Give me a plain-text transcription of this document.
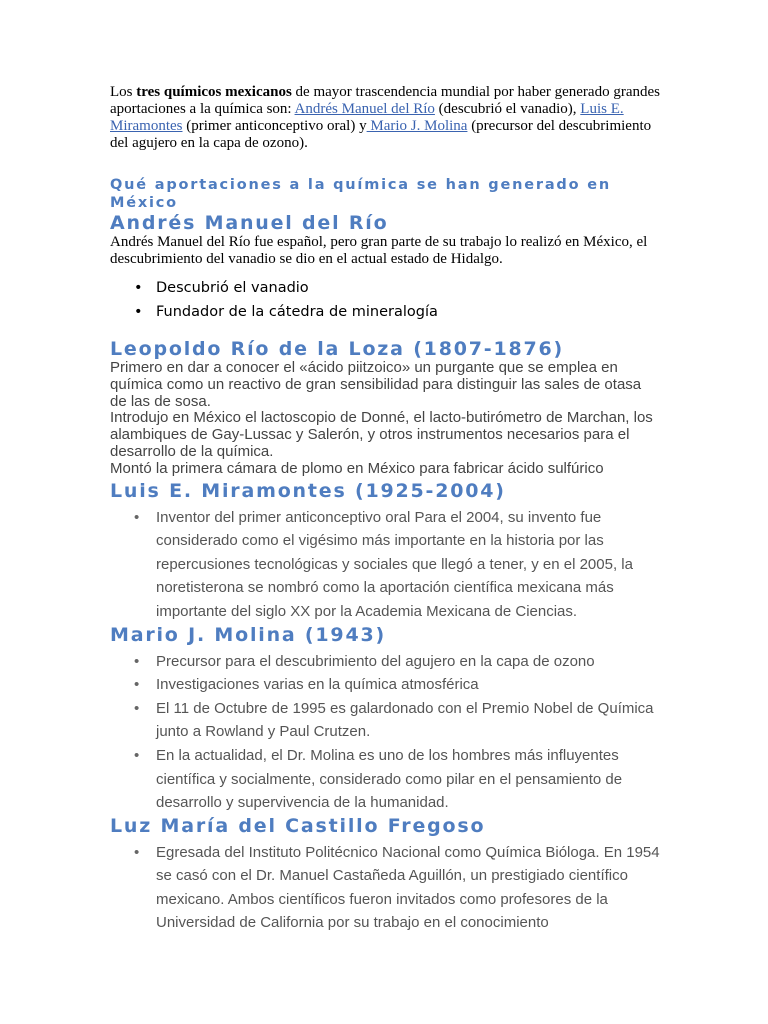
Los tres químicos mexicanos de mayor trascendencia mundial por haber generado grandes aportaciones a la química son: Andrés Manuel del Río (descubrió el vanadio), Luis E. Miramontes (primer anticonceptivo oral) y Mario J. Molina (precursor del descubrimiento del agujero en la capa de ozono).

Qué aportaciones a la química se han generado en México
Andrés Manuel del Río

Andrés Manuel del Río fue español, pero gran parte de su trabajo lo realizó en México, el descubrimiento del vanadio se dio en el actual estado de Hidalgo.

• Descubrió el vanadio
• Fundador de la cátedra de mineralogía
Leopoldo Río de la Loza (1807-1876)

Primero en dar a conocer el «ácido piitzoico» un purgante que se emplea en química como un reactivo de gran sensibilidad para distinguir las sales de otasa de las de sosa.

Introdujo en México el lactoscopio de Donné, el lacto-butirómetro de Marchan, los alambiques de Gay-Lussac y Salerón, y otros instrumentos necesarios para el desarrollo de la química.

Montó la primera cámara de plomo en México para fabricar ácido sulfúrico

Luis E. Miramontes (1925-2004)
• Inventor del primer anticonceptivo oral Para el 2004, su invento fue considerado como el vigésimo más importante en la historia por las repercusiones tecnológicas y sociales que llegó a tener, y en el 2005, la noretisterona se nombró como la aportación científica mexicana más importante del siglo XX por la Academia Mexicana de Ciencias.
Mario J. Molina (1943)
• Precursor para el descubrimiento del agujero en la capa de ozono
• Investigaciones varias en la química atmosférica
• El 11 de Octubre de 1995 es galardonado con el Premio Nobel de Química junto a Rowland y Paul Crutzen.
• En la actualidad, el Dr. Molina es uno de los hombres más influyentes científica y socialmente, considerado como pilar en el pensamiento de desarrollo y supervivencia de la humanidad.
Luz María del Castillo Fregoso
• Egresada del Instituto Politécnico Nacional como Química Bióloga. En 1954 se casó con el Dr. Manuel Castañeda Aguillón, un prestigiado científico mexicano. Ambos científicos fueron invitados como profesores de la Universidad de California por su trabajo en el conocimiento
